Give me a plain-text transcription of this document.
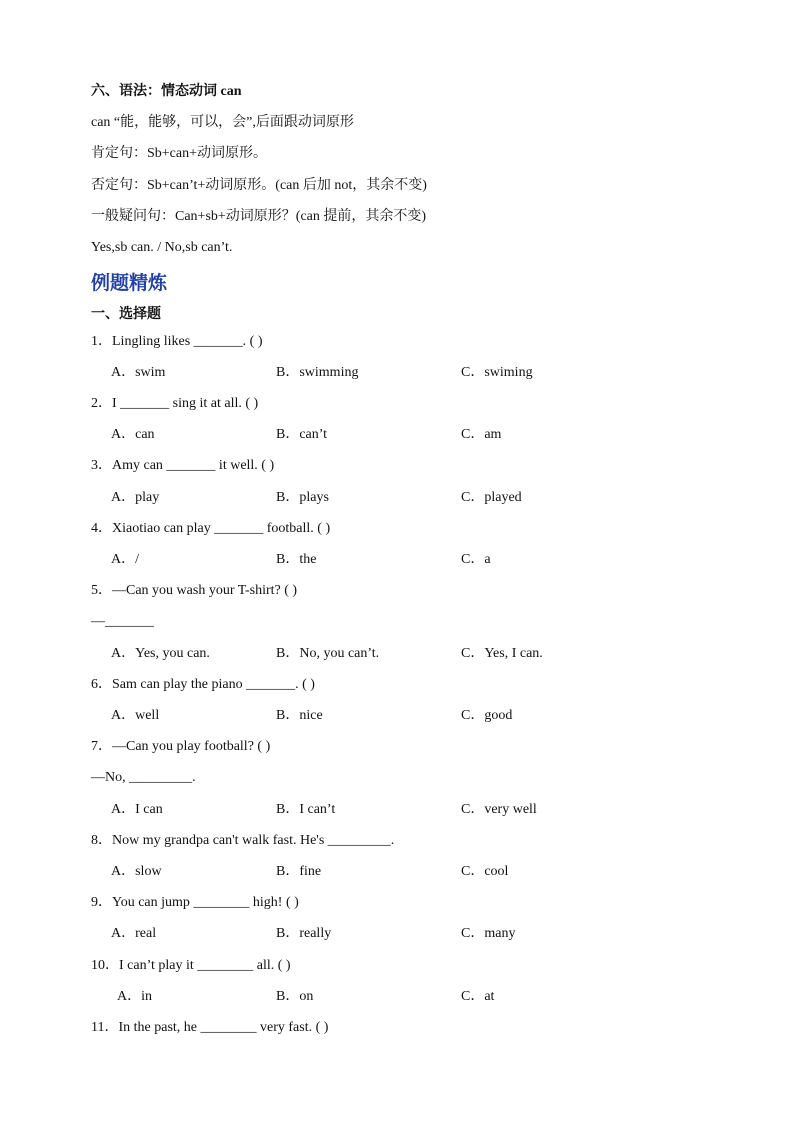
六、语法：情态动词 can
can “能，能够，可以，会”,后面跟动词原形
肯定句：Sb+can+动词原形。
否定句：Sb+can’t+动词原形。(can 后加 not，其余不变)
一般疑问句：Can+sb+动词原形？(can 提前，其余不变)
Yes,sb can. / No,sb can’t.
例题精炼
一、选择题
1．Lingling likes _______. ( )
A．swim	B．swimming	C．swiming
2．I _______ sing it at all. ( )
A．can	B．can’t	C．am
3．Amy can _______ it well. ( )
A．play	B．plays	C．played
4．Xiaotiao can play _______ football. ( )
A．/	B．the	C．a
5．—Can you wash your T-shirt? ( )
—_______
A．Yes, you can.	B．No, you can’t.	C．Yes, I can.
6．Sam can play the piano _______. ( )
A．well	B．nice	C．good
7．—Can you play football? ( )
—No, _________.
A．I can	B．I can’t	C．very well
8．Now my grandpa can't walk fast. He's _________.
A．slow	B．fine	C．cool
9．You can jump ________ high! ( )
A．real	B．really	C．many
10．I can’t play it ________ all. ( )
A．in	B．on	C．at
11．In the past, he ________ very fast. ( )
